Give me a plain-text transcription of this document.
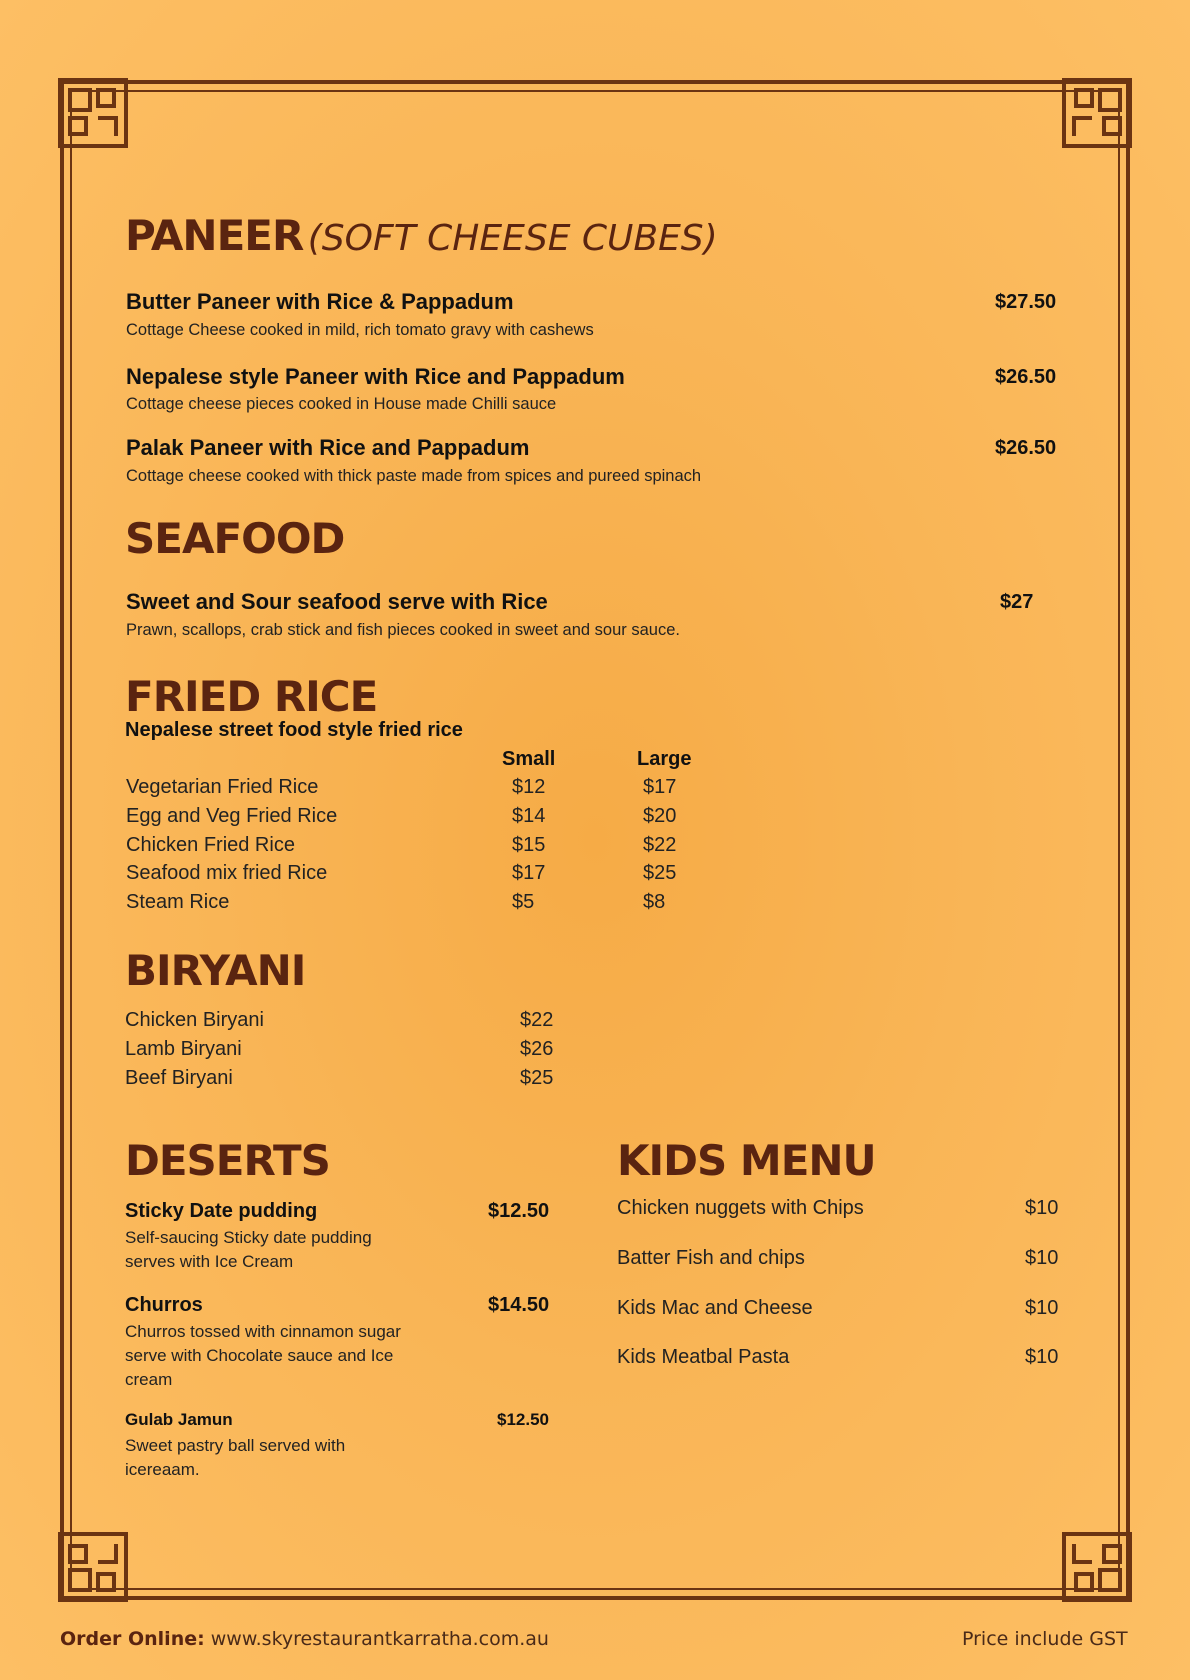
PANEER (SOFT CHEESE CUBES)
Butter Paneer with Rice & Pappadum	$27.50
Cottage Cheese cooked in mild, rich tomato gravy with cashews
Nepalese style Paneer with Rice and Pappadum	$26.50
Cottage cheese pieces cooked in House made Chilli sauce
Palak Paneer with Rice and Pappadum	$26.50
Cottage cheese cooked with thick paste made from spices and pureed spinach
SEAFOOD
Sweet and Sour seafood serve with Rice	$27
Prawn, scallops, crab stick and fish pieces cooked in sweet and sour sauce.
FRIED RICE
Nepalese street food style fried rice
Small	Large
Vegetarian Fried Rice	$12	$17
Egg and Veg Fried Rice	$14	$20
Chicken Fried Rice	$15	$22
Seafood mix fried Rice	$17	$25
Steam Rice	$5	$8
BIRYANI
Chicken Biryani	$22
Lamb Biryani	$26
Beef Biryani	$25
DESERTS
Sticky Date pudding	$12.50
Self-saucing Sticky date pudding serves with Ice Cream
Churros	$14.50
Churros tossed with cinnamon sugar serve with Chocolate sauce and Ice cream
Gulab Jamun	$12.50
Sweet pastry ball served with icereaam.
KIDS MENU
Chicken nuggets with Chips	$10
Batter Fish and chips	$10
Kids Mac and Cheese	$10
Kids Meatbal Pasta	$10
Order Online: www.skyrestaurantkarratha.com.au	Price include GST
